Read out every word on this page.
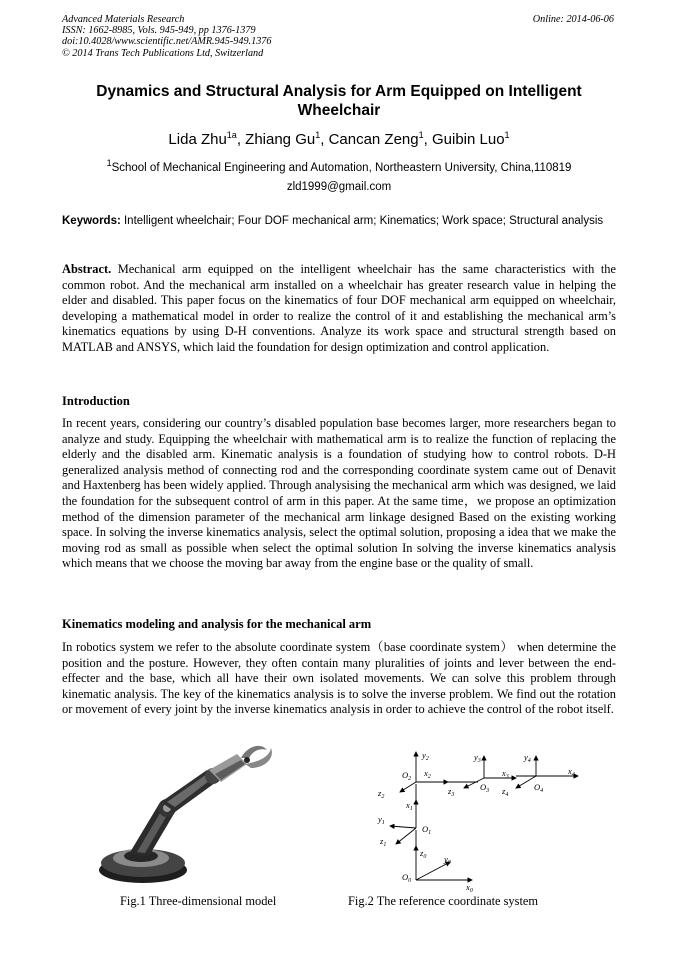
Advanced Materials Research
ISSN: 1662-8985, Vols. 945-949, pp 1376-1379
doi:10.4028/www.scientific.net/AMR.945-949.1376
© 2014 Trans Tech Publications Ltd, Switzerland
Online: 2014-06-06
Dynamics and Structural Analysis for Arm Equipped on Intelligent Wheelchair
Lida Zhu$^{1a}$, Zhiang Gu$^1$, Cancan Zeng$^1$, Guibin Luo$^1$
$^1$School of Mechanical Engineering and Automation, Northeastern University, China,110819
zld1999@gmail.com
Keywords: Intelligent wheelchair; Four DOF mechanical arm; Kinematics; Work space; Structural analysis
Abstract. Mechanical arm equipped on the intelligent wheelchair has the same characteristics with the common robot. And the mechanical arm installed on a wheelchair has greater research value in helping the elder and disabled. This paper focus on the kinematics of four DOF mechanical arm equipped on wheelchair, developing a mathematical model in order to realize the control of it and establishing the mechanical arm’s kinematics equations by using D-H conventions. Analyze its work space and structural strength based on MATLAB and ANSYS, which laid the foundation for design optimization and control application.
Introduction
In recent years, considering our country’s disabled population base becomes larger, more researchers began to analyze and study. Equipping the wheelchair with mathematical arm is to realize the function of replacing the elderly and the disabled arm. Kinematic analysis is a foundation of studying how to control robots. D-H generalized analysis method of connecting rod and the corresponding coordinate system came out of Denavit and Haxtenberg has been widely applied. Through analysising the mechanical arm which was designed, we laid the foundation for the subsequent control of arm in this paper. At the same time，we propose an optimization method of the dimension parameter of the mechanical arm linkage designed Based on the existing working space. In solving the inverse kinematics analysis, select the optimal solution, proposing a idea that we make the moving rod as small as possible when select the optimal solution In solving the inverse kinematics analysis which means that we choose the moving bar away from the engine base or the quality of small.
Kinematics modeling and analysis for the mechanical arm
In robotics system we refer to the absolute coordinate system（base coordinate system） when determine the position and the posture. However, they often contain many pluralities of joints and lever between the end-effecter and the base, which all have their own isolated movements. We can solve this problem through kinematic analysis. The key of the kinematics analysis is to solve the inverse problem. We find out the rotation or movement of every joint by the inverse kinematics analysis in order to achieve the control of the robot itself.
Fig.1 Three-dimensional model
$y_2$	$y_3$	$y_4$
$x_2$	$x_3$
$x_4$
$O_2$
$O_3$	$O_4$
$z_2$
$z_3$	$z_4$
$x_1$
$y_1$
$O_1$
$z_1$
$z_0$ $y_0$
$O_0$
$x_0$
Fig.2 The reference coordinate system
